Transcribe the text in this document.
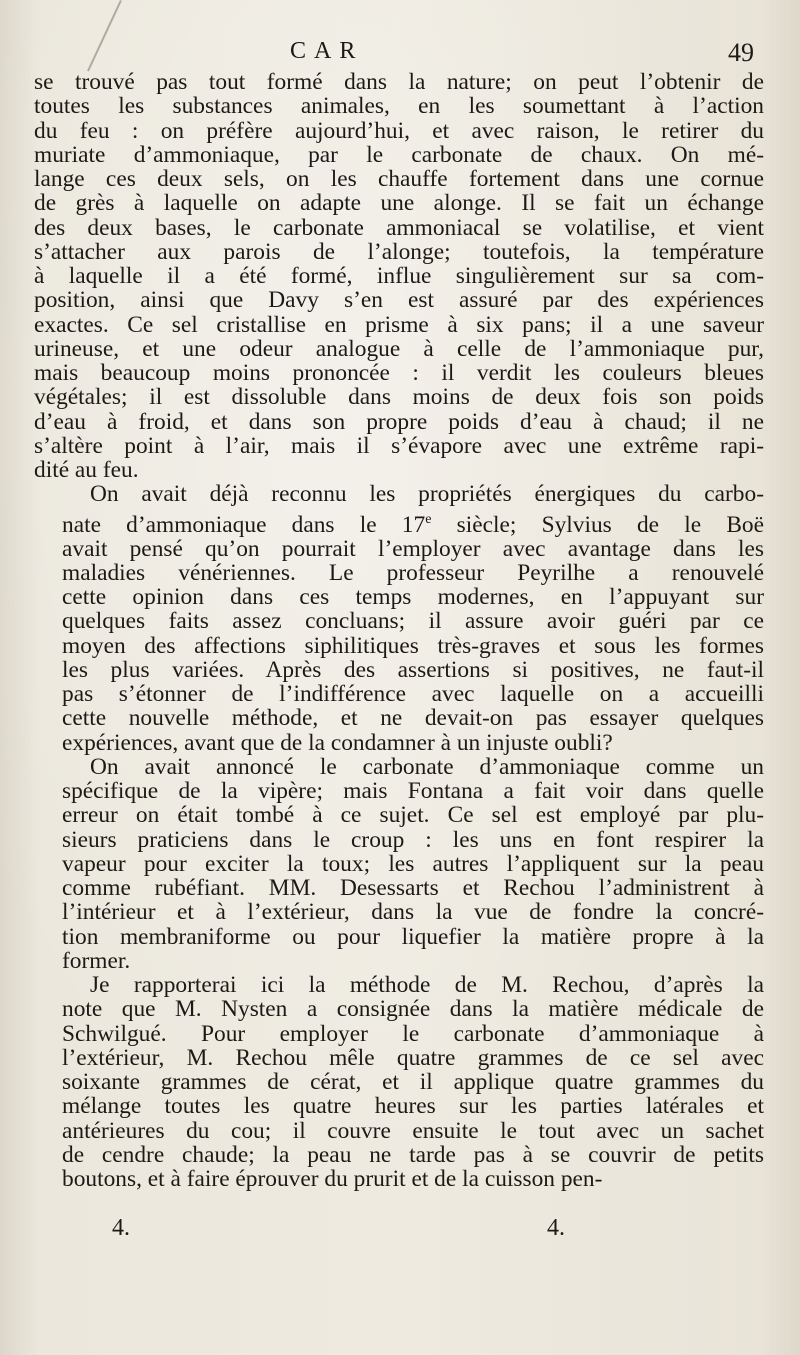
CAR	49
se trouvé pas tout formé dans la nature; on peut l’obtenir de
toutes les substances animales, en les soumettant à l’action
du feu : on préfère aujourd’hui, et avec raison, le retirer du
muriate d’ammoniaque, par le carbonate de chaux. On mé-
lange ces deux sels, on les chauffe fortement dans une cornue
de grès à laquelle on adapte une alonge. Il se fait un échange
des deux bases, le carbonate ammoniacal se volatilise, et vient
s’attacher aux parois de l’alonge; toutefois, la température
à laquelle il a été formé, influe singulièrement sur sa com-
position, ainsi que Davy s’en est assuré par des expériences
exactes. Ce sel cristallise en prisme à six pans; il a une saveur
urineuse, et une odeur analogue à celle de l’ammoniaque pur,
mais beaucoup moins prononcée : il verdit les couleurs bleues
végétales; il est dissoluble dans moins de deux fois son poids
d’eau à froid, et dans son propre poids d’eau à chaud; il ne
s’altère point à l’air, mais il s’évapore avec une extrême rapi-
dité au feu.
On avait déjà reconnu les propriétés énergiques du carbo-
nate d’ammoniaque dans le 17e siècle; Sylvius de le Boë
avait pensé qu’on pourrait l’employer avec avantage dans les
maladies vénériennes. Le professeur Peyrilhe a renouvelé
cette opinion dans ces temps modernes, en l’appuyant sur
quelques faits assez concluans; il assure avoir guéri par ce
moyen des affections siphilitiques très-graves et sous les formes
les plus variées. Après des assertions si positives, ne faut-il
pas s’étonner de l’indifférence avec laquelle on a accueilli
cette nouvelle méthode, et ne devait-on pas essayer quelques
expériences, avant que de la condamner à un injuste oubli?
On avait annoncé le carbonate d’ammoniaque comme un
spécifique de la vipère; mais Fontana a fait voir dans quelle
erreur on était tombé à ce sujet. Ce sel est employé par plu-
sieurs praticiens dans le croup : les uns en font respirer la
vapeur pour exciter la toux; les autres l’appliquent sur la peau
comme rubéfiant. MM. Desessarts et Rechou l’administrent à
l’intérieur et à l’extérieur, dans la vue de fondre la concré-
tion membraniforme ou pour liquefier la matière propre à la
former.
Je rapporterai ici la méthode de M. Rechou, d’après la
note que M. Nysten a consignée dans la matière médicale de
Schwilgué. Pour employer le carbonate d’ammoniaque à
l’extérieur, M. Rechou mêle quatre grammes de ce sel avec
soixante grammes de cérat, et il applique quatre grammes du
mélange toutes les quatre heures sur les parties latérales et
antérieures du cou; il couvre ensuite le tout avec un sachet
de cendre chaude; la peau ne tarde pas à se couvrir de petits
boutons, et à faire éprouver du prurit et de la cuisson pen-
4.	4.
